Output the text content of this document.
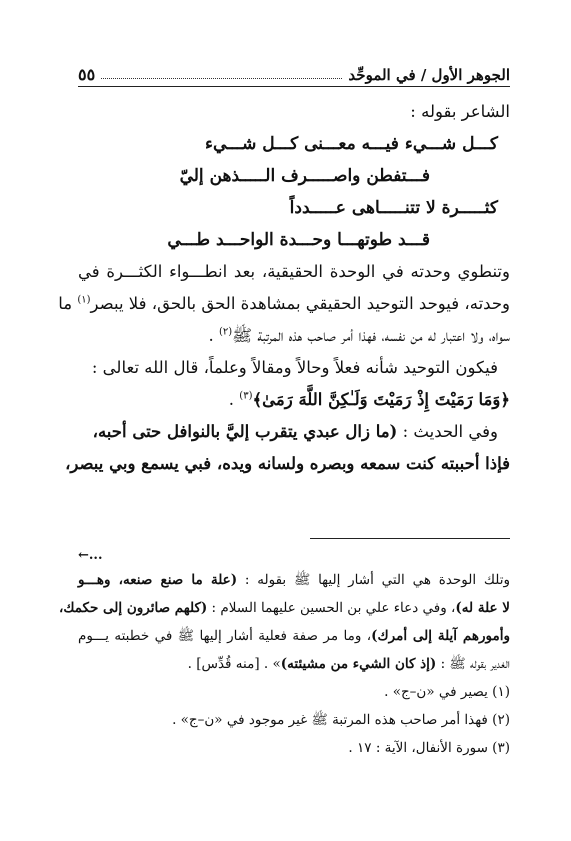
الجوهر الأول / في الموحِّد
٥٥
الشاعر بقوله :
كـــل شـــيء فيـــه معـــنى كـــل شـــيء
فـــتفطن واصـــــرف الـــــذهن إليّ
كثـــــرة لا تتنـــــاهى عـــــدداً
قـــد طوتهـــا وحـــدة الواحـــد طـــي
وتنطوي وحدته في الوحدة الحقيقية، بعد انطـــواء الكثـــرة في
وحدته، فيوحد التوحيد الحقيقي بمشاهدة الحق بالحق، فلا يبصر$^{(١)}$ ما
سواه، ولا اعتبار له من نفسه، فهذا أمر صاحب هذه المرتبة ﷺ$^{(٢)}$ .
فيكون التوحيد شأنه فعلاً وحالاً ومقالاً وعلماً، قال الله تعالى :
﴿وَمَا رَمَيْتَ إِذْ رَمَيْتَ وَلَـٰكِنَّ اللَّهَ رَمَىٰ﴾$^{(٣)}$ .
وفي الحديث : (ما زال عبدي يتقرب إليَّ بالنوافل حتى أحبه،
فإذا أحببته كنت سمعه وبصره ولسانه ويده، فبي يسمع وبي يبصر،
←...
وتلك الوحدة هي التي أشار إليها ﷺ بقوله : (علة ما صنع صنعه، وهـــو
لا علة له)، وفي دعاء علي بن الحسين عليهما السلام : (كلهم صائرون إلى حكمك،
وأمورهم آيلة إلى أمرك)، وما مر صفة فعلية أشار إليها ﷺ في خطبته يـــوم
الغدير بقوله ﷺ : (إذ كان الشيء من مشيئته)» . [منه قُدِّس] .
(١) يصير في «ن–ج» .
(٢) فهذا أمر صاحب هذه المرتبة ﷺ غير موجود في «ن–ج» .
(٣) سورة الأنفال، الآية : ١٧ .
